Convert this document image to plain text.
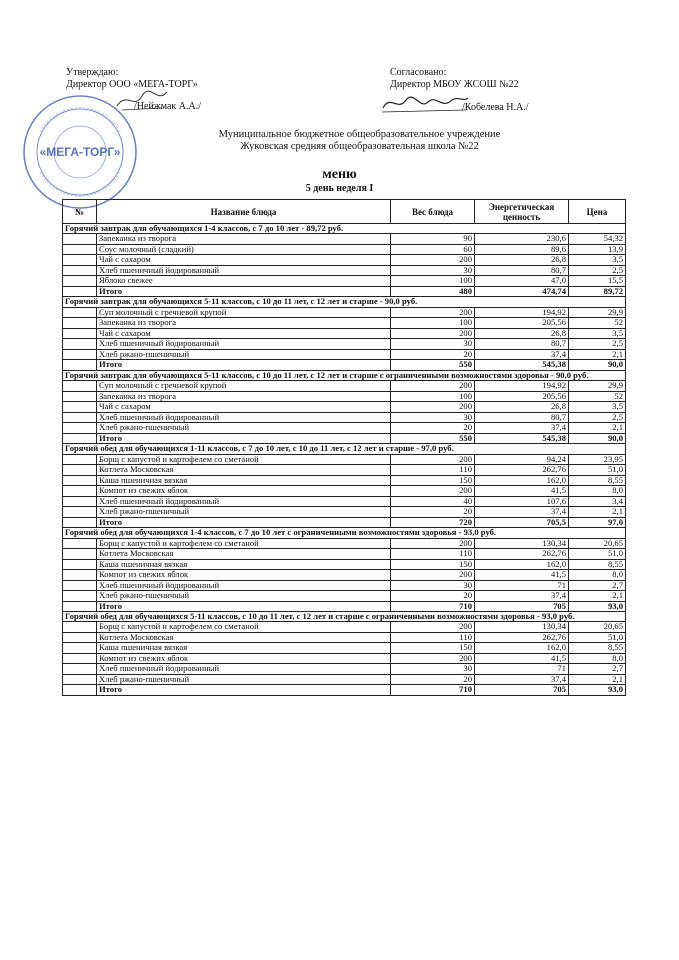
Утверждаю:
Директор ООО «МЕГА-ТОРГ»
/Нейжмак А.А./
Согласовано:
Директор МБОУ ЖСОШ №22
/Кобелева Н.А./
«МЕГА-ТОРГ»
Муниципальное бюджетное общеобразовательное учреждение
Жуковская средняя общеобразовательная школа №22
меню
5 день неделя I
№	Название блюда	Вес блюда	Энергетическая ценность	Цена
Горячий завтрак для обучающихся 1-4 классов, с 7 до 10 лет - 89,72 руб.				
	Запеканка из творога	90	230,6	54,32
	Соус молочный (сладкий)	60	89,6	13,9
	Чай с сахаром	200	26,8	3,5
	Хлеб пшеничный йодированный	30	80,7	2,5
	Яблоко свежее	100	47,0	15,5
	Итого	480	474,74	89,72
Горячий завтрак для обучающихся 5-11 классов, с 10 до 11 лет, с 12 лет и старше - 90,0 руб.				
	Суп молочный с гречневой крупой	200	194,92	29,9
	Запеканка из творога	100	205,56	52
	Чай с сахаром	200	26,8	3,5
	Хлеб пшеничный йодированный	30	80,7	2,5
	Хлеб ржано-пшеничный	20	37,4	2,1
	Итого	550	545,38	90,0
Горячий завтрак для обучающихся 5-11 классов, с 10 до 11 лет, с 12 лет и старше с ограниченными возможностями здоровья - 90,0 руб.				
	Суп молочный с гречневой крупой	200	194,92	29,9
	Запеканка из творога	100	205,56	52
	Чай с сахаром	200	26,8	3,5
	Хлеб пшеничный йодированный	30	80,7	2,5
	Хлеб ржано-пшеничный	20	37,4	2,1
	Итого	550	545,38	90,0
Горячий обед для обучающихся 1-11 классов, с 7 до 10 лет, с 10 до 11 лет, с 12 лет и старше - 97,0 руб.				
	Борщ с капустой и картофелем со сметаной	200	94,24	23,95
	Котлета Московская	110	262,76	51,0
	Каша пшеничная вязкая	150	162,0	8,55
	Компот из свежих яблок	200	41,5	8,0
	Хлеб пшеничный йодированный	40	107,6	3,4
	Хлеб ржано-пшеничный	20	37,4	2,1
	Итого	720	705,5	97,0
Горячий обед для обучающихся 1-4 классов, с 7 до 10 лет с ограниченными возможностями здоровья - 93,0 руб.				
	Борщ с капустой и картофелем со сметаной	200	130,34	20,65
	Котлета Московская	110	262,76	51,0
	Каша пшеничная вязкая	150	162,0	8,55
	Компот из свежих яблок	200	41,5	8,0
	Хлеб пшеничный йодированный	30	71	2,7
	Хлеб ржано-пшеничный	20	37,4	2,1
	Итого	710	705	93,0
Горячий обед для обучающихся 5-11 классов, с 10 до 11 лет, с 12 лет и старше с ограниченными возможностями здоровья - 93,0 руб.				
	Борщ с капустой и картофелем со сметаной	200	130,34	20,65
	Котлета Московская	110	262,76	51,0
	Каша пшеничная вязкая	150	162,0	8,55
	Компот из свежих яблок	200	41,5	8,0
	Хлеб пшеничный йодированный	30	71	2,7
	Хлеб ржано-пшеничный	20	37,4	2,1
	Итого	710	705	93,0
